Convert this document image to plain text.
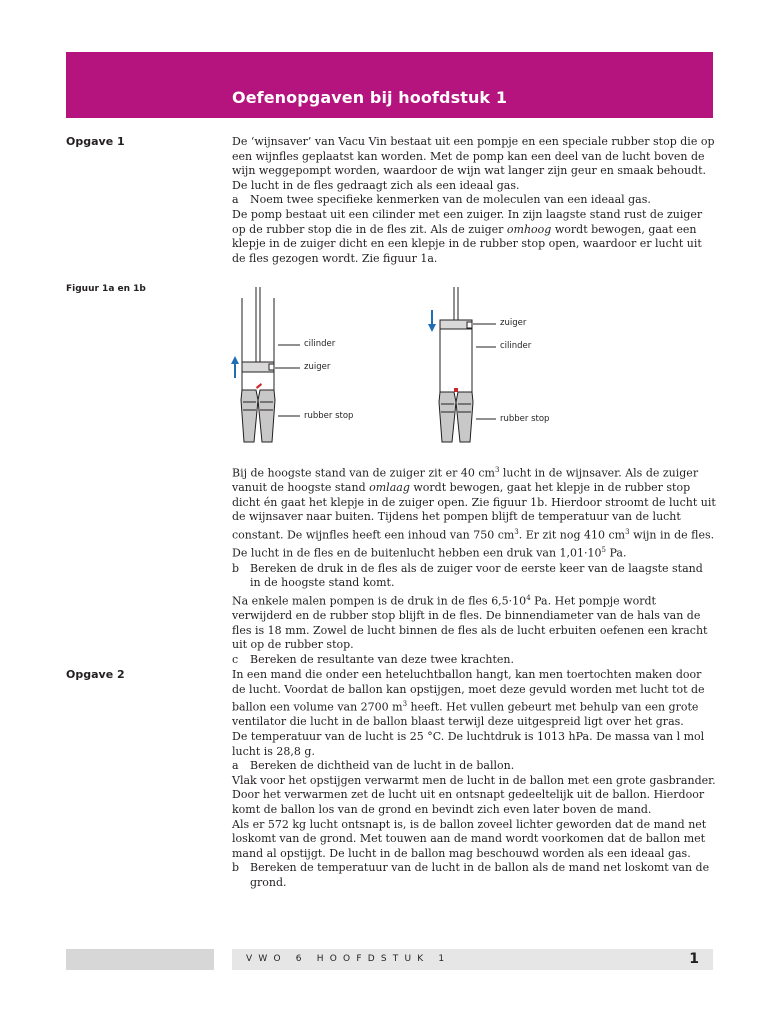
Oefenopgaven bij hoofdstuk 1
Opgave 1	De ‘wijnsaver’ van Vacu Vin bestaat uit een pompje en een speciale rubber stop die op een wijnfles geplaatst kan worden. Met de pomp kan een deel van de lucht boven de wijn weggepompt worden, waardoor de wijn wat langer zijn geur en smaak behoudt. De lucht in de fles gedraagt zich als een ideaal gas.

a	Noem twee specifieke kenmerken van de moleculen van een ideaal gas.

De pomp bestaat uit een cilinder met een zuiger. In zijn laagste stand rust de zuiger op de rubber stop die in de fles zit. Als de zuiger omhoog wordt bewogen, gaat een klepje in de zuiger dicht en een klepje in de rubber stop open, waardoor er lucht uit de fles gezogen wordt. Zie figuur 1a.

Figuur 1a en 1b
cilinder
zuiger
rubber stop
zuiger
cilinder
rubber stop

Bij de hoogste stand van de zuiger zit er 40 $cm^3$ lucht in de wijnsaver. Als de zuiger vanuit de hoogste stand omlaag wordt bewogen, gaat het klepje in de rubber stop dicht én gaat het klepje in de zuiger open. Zie figuur 1b. Hierdoor stroomt de lucht uit de wijnsaver naar buiten. Tijdens het pompen blijft de temperatuur van de lucht constant. De wijnfles heeft een inhoud van 750 $cm^3$. Er zit nog 410 $cm^3$ wijn in de fles. De lucht in de fles en de buitenlucht hebben een druk van $1,01\cdot 10^5$ Pa.

b Bereken de druk in de fles als de zuiger voor de eerste keer van de laagste stand in de hoogste stand komt.

Na enkele malen pompen is de druk in de fles $6,5\cdot 10^4$ Pa. Het pompje wordt verwijderd en de rubber stop blijft in de fles. De binnendiameter van de hals van de fles is 18 mm. Zowel de lucht binnen de fles als de lucht erbuiten oefenen een kracht uit op de rubber stop.

c	Bereken de resultante van deze twee krachten.
Opgave 2	In een mand die onder een heteluchtballon hangt, kan men toertochten maken door de lucht. Voordat de ballon kan opstijgen, moet deze gevuld worden met lucht tot de ballon een volume van 2700 $m^3$ heeft. Het vullen gebeurt met behulp van een grote ventilator die lucht in de ballon blaast terwijl deze uitgespreid ligt over het gras.

De temperatuur van de lucht is 25 °C. De luchtdruk is 1013 hPa. De massa van l mol lucht is 28,8 g.

a	Bereken de dichtheid van de lucht in de ballon.

Vlak voor het opstijgen verwarmt men de lucht in de ballon met een grote gasbrander. Door het verwarmen zet de lucht uit en ontsnapt gedeeltelijk uit de ballon. Hierdoor komt de ballon los van de grond en bevindt zich even later boven de mand.

Als er 572 kg lucht ontsnapt is, is de ballon zoveel lichter geworden dat de mand net loskomt van de grond. Met touwen aan de mand wordt voorkomen dat de ballon met mand al opstijgt. De lucht in de ballon mag beschouwd worden als een ideaal gas.

b Bereken de temperatuur van de lucht in de ballon als de mand net loskomt van de grond.
VWO 6 HOOFDSTUK 1	1
